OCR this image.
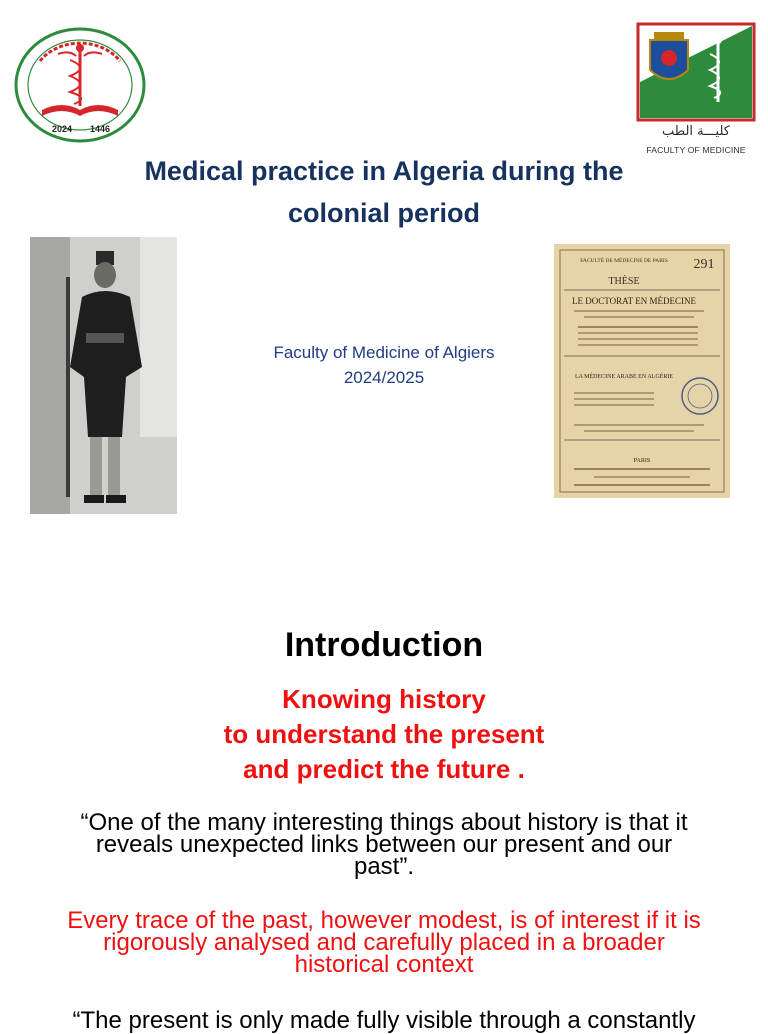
2024 1446	كليـــة الطب
FACULTY OF MEDICINE
Medical practice in Algeria during the
colonial period
Faculty of Medicine of Algiers
2024/2025
FACULTÉ DE MÉDECINE DE PARIS 291
THÈSE
LE DOCTORAT EN MÉDECINE
LA MÉDECINE ARABE EN ALGÉRIE
PARIS
Introduction
Knowing history
to understand the present
and predict the future .
“One of the many interesting things about history is that it
reveals unexpected links between our present and our
past”.
Every trace of the past, however modest, is of interest if it is
rigorously analysed and carefully placed in a broader
historical context
“The present is only made fully visible through a constantly
